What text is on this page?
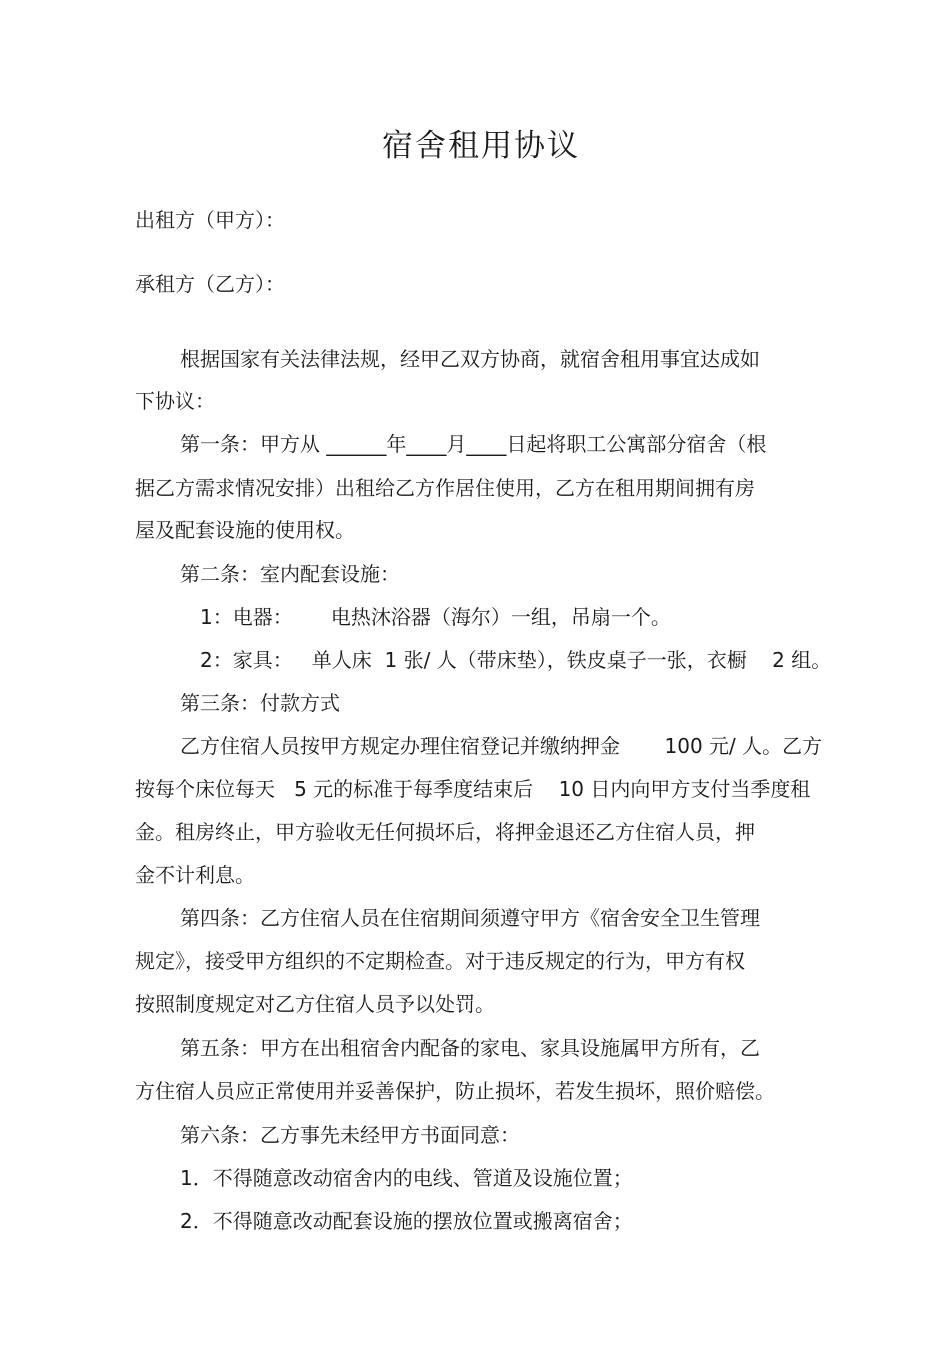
宿舍租用协议
出租方（甲方）：
承租方（乙方）：
根据国家有关法律法规，经甲乙双方协商，就宿舍租用事宜达成如
下协议：
第一条：甲方从 ______年____月____日起将职工公寓部分宿舍（根
据乙方需求情况安排）出租给乙方作居住使用，乙方在租用期间拥有房
屋及配套设施的使用权。
第二条：室内配套设施：
1：电器：      电热沐浴器（海尔）一组，吊扇一个。
2：家具：   单人床  1 张/ 人（带床垫），铁皮桌子一张，衣橱    2 组。
第三条：付款方式
乙方住宿人员按甲方规定办理住宿登记并缴纳押金       100 元/ 人。乙方
按每个床位每天   5 元的标准于每季度结束后    10 日内向甲方支付当季度租
金。租房终止，甲方验收无任何损坏后，将押金退还乙方住宿人员，押
金不计利息。
第四条：乙方住宿人员在住宿期间须遵守甲方《宿舍安全卫生管理
规定》，接受甲方组织的不定期检查。对于违反规定的行为，甲方有权
按照制度规定对乙方住宿人员予以处罚。
第五条：甲方在出租宿舍内配备的家电、家具设施属甲方所有，乙
方住宿人员应正常使用并妥善保护，防止损坏，若发生损坏，照价赔偿。
第六条：乙方事先未经甲方书面同意：
1．不得随意改动宿舍内的电线、管道及设施位置；
2．不得随意改动配套设施的摆放位置或搬离宿舍；
